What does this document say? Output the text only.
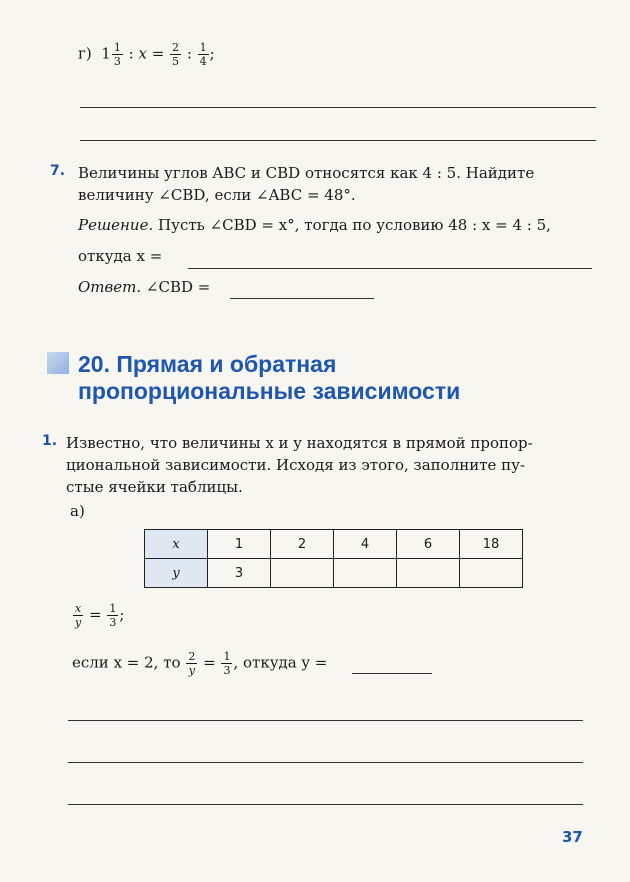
г) $1 \frac{1}{3}$ : $x = \frac{2}{5}$ : $\frac{1}{4}$ ;
7. Величины углов ABC и CBD относятся как 4 : 5. Найдите
величину ∠CBD, если ∠ABC = 48°.
Решение. Пусть ∠CBD = x°, тогда по условию 48 : x = 4 : 5,
откуда x =
Ответ. ∠CBD =
20. Прямая и обратная
пропорциональные зависимости
1. Известно, что величины x и y находятся в прямой пропор-
циональной зависимости. Исходя из этого, заполните пу-
стые ячейки таблицы.
а)
x	1	2	4	6	18
y	3				
$\frac{x}{y} = \frac{1}{3}$ ;
если x = 2, то $\frac{2}{y} = \frac{1}{3}$ , откуда y =
37
